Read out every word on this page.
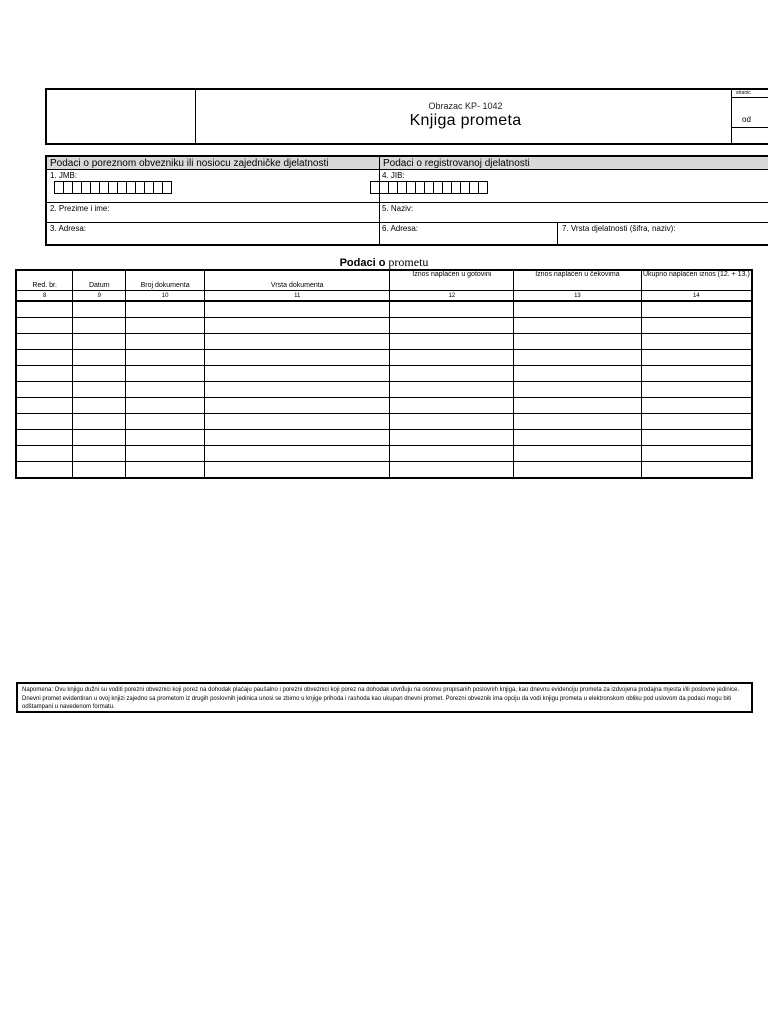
Obrazac KP- 1042
Knjiga prometa
stranic
od
Podaci o poreznom obvezniku ili nosiocu zajedničke djelatnosti	Podaci o registrovanoj djelatnosti
1. JMB:
2. Prezime i ime:
3. Adresa:
4. JIB:
5. Naziv:
6. Adresa:	7. Vrsta djelatnosti (šifra, naziv):
Podaci o prometu
Red. br.	Datum	Broj dokumenta	Vrsta dokumenta	Iznos naplaćen u gotovini	Iznos naplaćen u čekovima	Ukupno naplaćen iznos (12. + 13.)
8	9	10	11	12	13	14

Napomena: Ovu knjigu dužni su voditi porezni obveznici koji porez na dohodak plaćaju paušalno i porezni obveznici koji porez na dohodak utvrđuju na osnovu propisanih poslovnih knjiga, kao dnevnu evidenciju prometa za izdvojena prodajna mjesta i/ili poslovne jedinice. Dnevni promet evidentiran u ovoj knjizi zajedno sa prometom iz drugih poslovnih jedinica unosi se zbirno u knjige prihoda i rashoda kao ukupan dnevni promet. Porezni obveznik ima opciju da vodi knjigu prometa u elektronskom obliku pod uslovom da podaci mogu biti odštampani u navedenom formatu.
